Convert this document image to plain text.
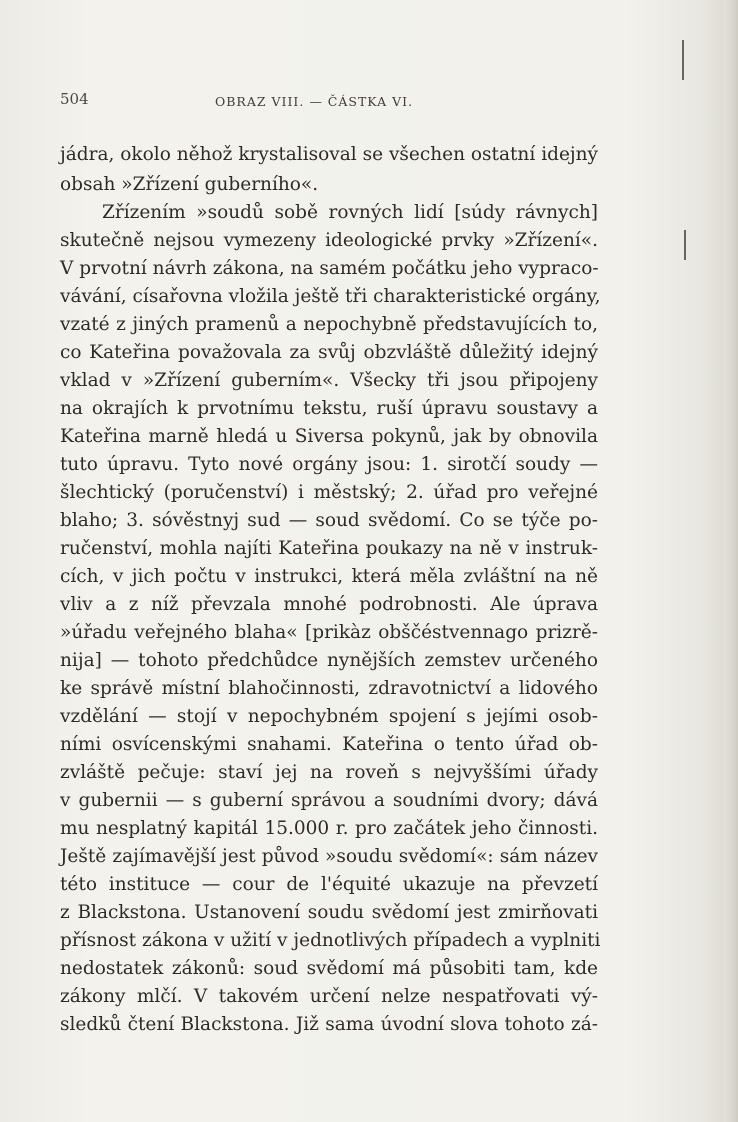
504	OBRAZ VIII. — ČÁSTKA VI.
jádra, okolo něhož krystalisoval se všechen ostatní idejný
obsah »Zřízení guberního«.
Zřízením »soudů sobě rovných lidí [súdy rávnych]
skutečně nejsou vymezeny ideologické prvky »Zřízení«.
V prvotní návrh zákona, na samém počátku jeho vypraco-
vávání, císařovna vložila ještě tři charakteristické orgány,
vzaté z jiných pramenů a nepochybně představujících to,
co Kateřina považovala za svůj obzvláště důležitý idejný
vklad v »Zřízení guberním«. Všecky tři jsou připojeny
na okrajích k prvotnímu tekstu, ruší úpravu soustavy a
Kateřina marně hledá u Siversa pokynů, jak by obnovila
tuto úpravu. Tyto nové orgány jsou: 1. sirotčí soudy —
šlechtický (poručenství) i městský; 2. úřad pro veřejné
blaho; 3. sóvěstnyj sud — soud svědomí. Co se týče po-
ručenství, mohla najíti Kateřina poukazy na ně v instruk-
cích, v jich počtu v instrukci, která měla zvláštní na ně
vliv a z níž převzala mnohé podrobnosti. Ale úprava
»úřadu veřejného blaha« [prikàz obščéstvennago prizrě-
nija] — tohoto předchůdce nynějších zemstev určeného
ke správě místní blahočinnosti, zdravotnictví a lidového
vzdělání — stojí v nepochybném spojení s jejími osob-
ními osvícenskými snahami. Kateřina o tento úřad ob-
zvláště pečuje: staví jej na roveň s nejvyššími úřady
v gubernii — s guberní správou a soudními dvory; dává
mu nesplatný kapitál 15.000 r. pro začátek jeho činnosti.
Ještě zajímavější jest původ »soudu svědomí«: sám název
této instituce — cour de l'équité ukazuje na převzetí
z Blackstona. Ustanovení soudu svědomí jest zmirňovati
přísnost zákona v užití v jednotlivých případech a vyplniti
nedostatek zákonů: soud svědomí má působiti tam, kde
zákony mlčí. V takovém určení nelze nespatřovati vý-
sledků čtení Blackstona. Již sama úvodní slova tohoto zá-
